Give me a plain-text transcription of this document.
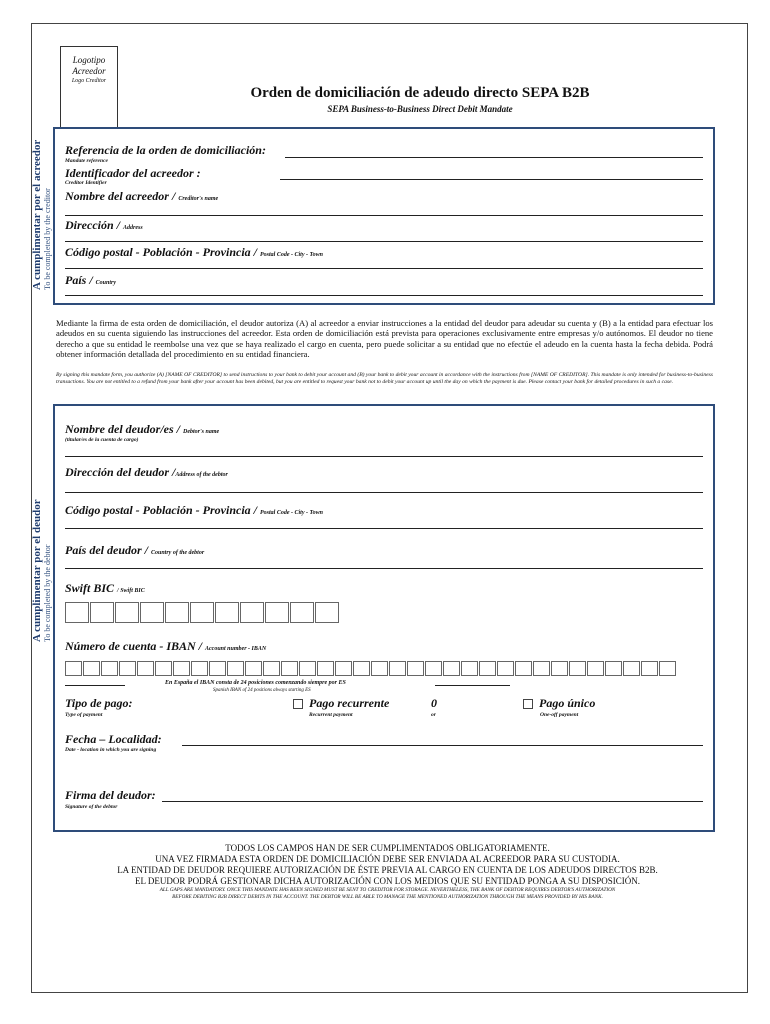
Logotipo
Acreedor
Logo Creditor
Orden de domiciliación de adeudo directo SEPA B2B
SEPA Business-to-Business Direct Debit Mandate
A cumplimentar por el acreedor To be completed by the creditor
Referencia de la orden de domiciliación:
Mandate reference
Identificador del acreedor :
Creditor Identifier
Nombre del acreedor / Creditor's name
Dirección / Address
Código postal - Población - Provincia / Postal Code - City - Town
País / Country
Mediante la firma de esta orden de domiciliación, el deudor autoriza (A) al acreedor a enviar instrucciones a la entidad del deudor para adeudar su cuenta y (B) a la entidad para efectuar los adeudos en su cuenta siguiendo las instrucciones del acreedor. Esta orden de domiciliación está prevista para operaciones exclusivamente entre empresas y/o autónomos. El deudor no tiene derecho a que su entidad le reembolse una vez que se haya realizado el cargo en cuenta, pero puede solicitar a su entidad que no efectúe el adeudo en la cuenta hasta la fecha debida. Podrá obtener información detallada del procedimiento en su entidad financiera.
By signing this mandate form, you authorize (A) [NAME OF CREDITOR] to send instructions to your bank to debit your account and (B) your bank to debit your account in accordance with the instructions from [NAME OF CREDITOR]. This mandate is only intended for business-to-business transactions. You are not entitled to a refund from your bank after your account has been debited, but you are entitled to request your bank not to debit your account up until the day on which the payment is due. Please contact your bank for detailed procedures in such a case.
A cumplimentar por el deudor To be completed by the debtor
Nombre del deudor/es / Debtor's name
(titular/es de la cuenta de cargo)
Dirección del deudor /Address of the debtor
Código postal - Población - Provincia / Postal Code - City - Town
País del deudor / Country of the debtor
Swift BIC / Swift BIC
Número de cuenta - IBAN / Account number - IBAN
En España el IBAN consta de 24 posiciones comenzando siempre por ES
Spanish IBAN of 24 positions always starting ES
Tipo de pago:
Type of payment
Pago recurrente
Recurrent payment
0
or
Pago único
One-off payment
Fecha – Localidad:
Date - location in which you are signing
Firma del deudor:
Signature of the debtor
TODOS LOS CAMPOS HAN DE SER CUMPLIMENTADOS OBLIGATORIAMENTE.
UNA VEZ FIRMADA ESTA ORDEN DE DOMICILIACIÓN DEBE SER ENVIADA AL ACREEDOR PARA SU CUSTODIA.
LA ENTIDAD DE DEUDOR REQUIERE AUTORIZACIÓN DE ÉSTE PREVIA AL CARGO EN CUENTA DE LOS ADEUDOS DIRECTOS B2B.
EL DEUDOR PODRÁ GESTIONAR DICHA AUTORIZACIÓN CON LOS MEDIOS QUE SU ENTIDAD PONGA A SU DISPOSICIÓN.
ALL GAPS ARE MANDATORY. ONCE THIS MANDATE HAS BEEN SIGNED MUST BE SENT TO CREDITOR FOR STORAGE. NEVERTHELESS, THE BANK OF DEBTOR REQUIRES DEBTOR'S AUTHORIZATION
BEFORE DEBITING B2B DIRECT DEBITS IN THE ACCOUNT. THE DEBTOR WILL BE ABLE TO MANAGE THE MENTIONED AUTHORIZATION THROUGH THE MEANS PROVIDED BY HIS BANK.
